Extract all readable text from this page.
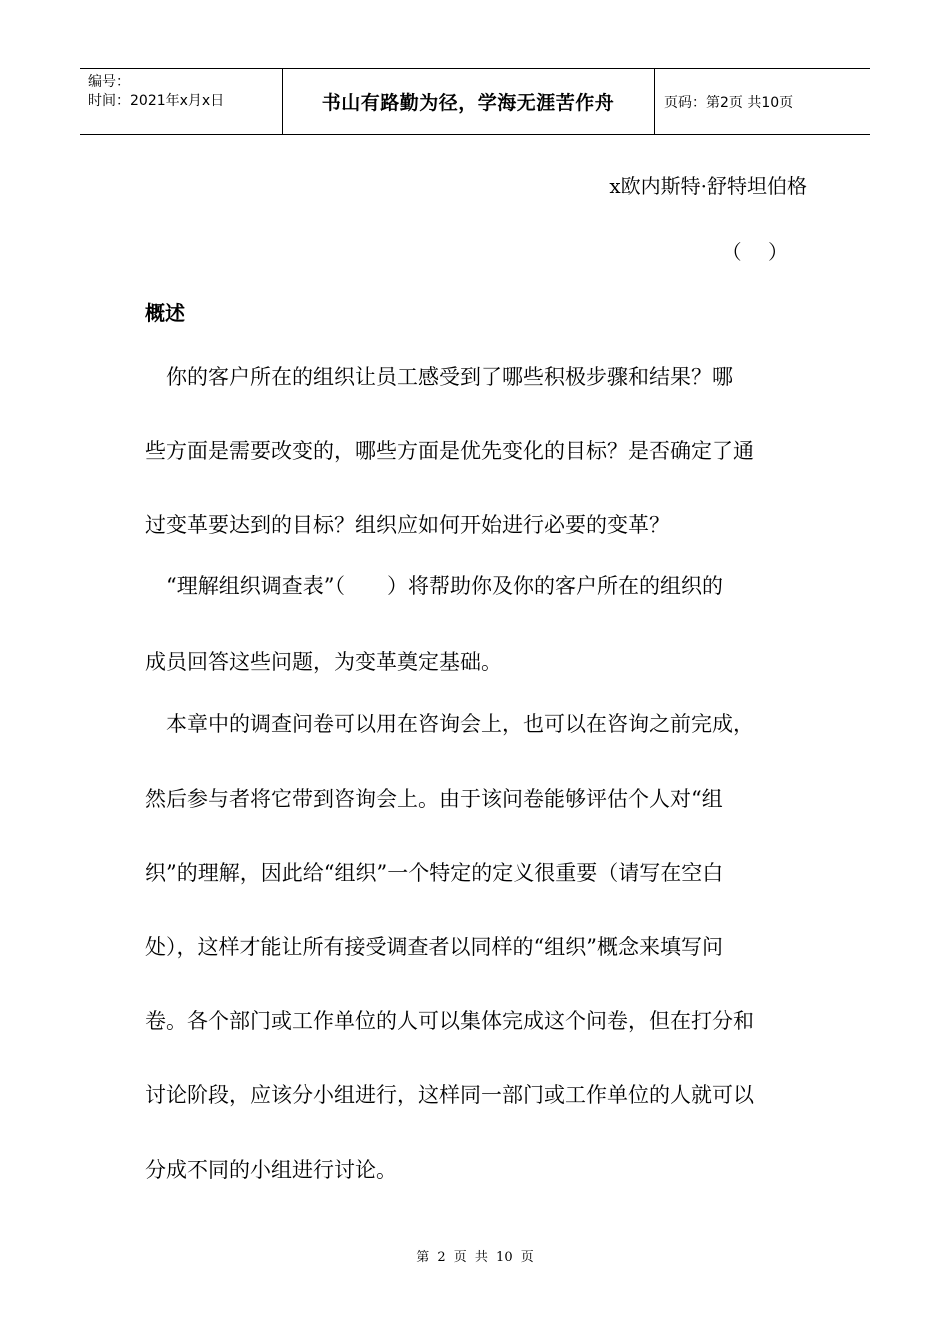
编号：
时间：2021年x月x日	书山有路勤为径，学海无涯苦作舟	页码：第2页 共10页
x欧内斯特·舒特坦伯格
（ ）
概述
　你的客户所在的组织让员工感受到了哪些积极步骤和结果？哪
些方面是需要改变的，哪些方面是优先变化的目标？是否确定了通
过变革要达到的目标？组织应如何开始进行必要的变革？
　“理解组织调查表”（　　）将帮助你及你的客户所在的组织的
成员回答这些问题，为变革奠定基础。
　本章中的调查问卷可以用在咨询会上，也可以在咨询之前完成，
然后参与者将它带到咨询会上。由于该问卷能够评估个人对“组
织”的理解，因此给“组织”一个特定的定义很重要（请写在空白
处），这样才能让所有接受调查者以同样的“组织”概念来填写问
卷。各个部门或工作单位的人可以集体完成这个问卷，但在打分和
讨论阶段，应该分小组进行，这样同一部门或工作单位的人就可以
分成不同的小组进行讨论。
第 2 页 共 10 页
